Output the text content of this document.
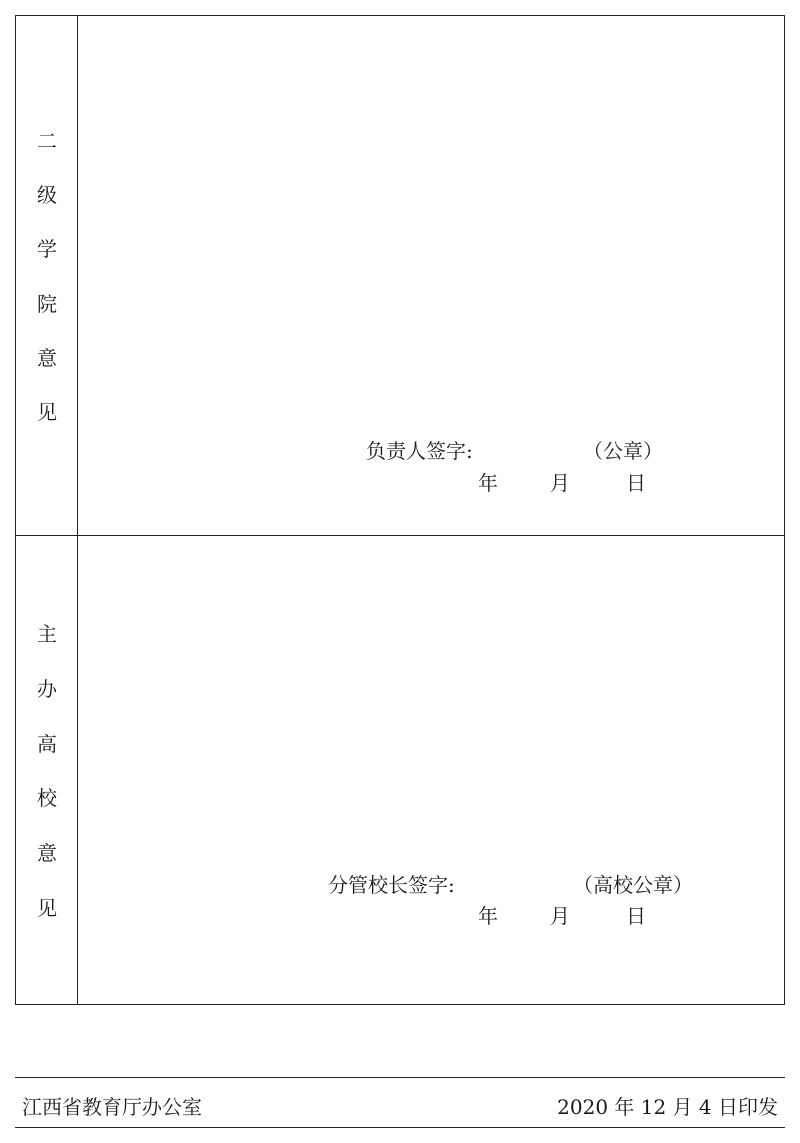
二
级
学
院
意
见
负责人签字:	（公章）
年	月	日
主
办
高
校
意
见
分管校长签字:	（高校公章）
年	月	日
江西省教育厅办公室	2020 年 12 月 4 日印发
